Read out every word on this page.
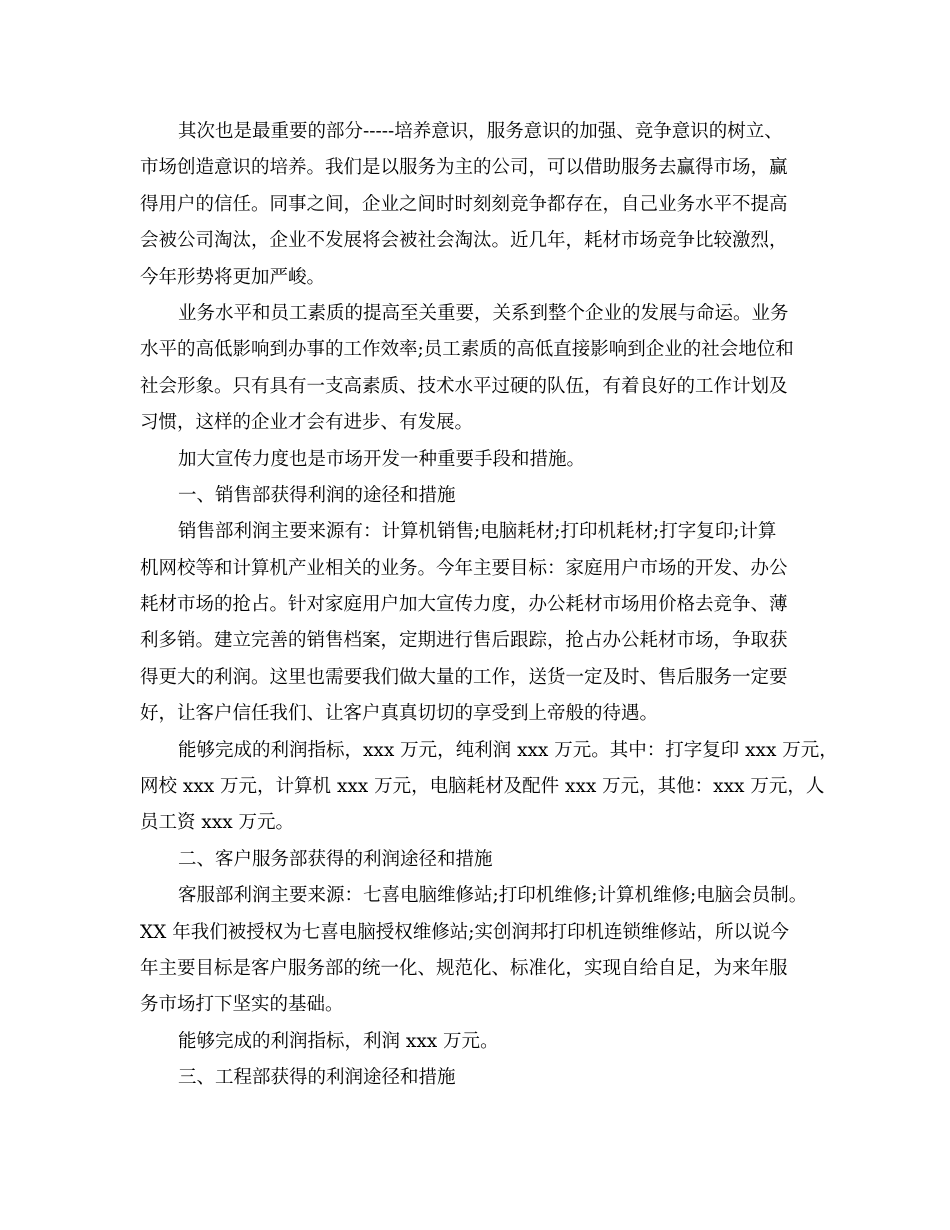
其次也是最重要的部分-----培养意识，服务意识的加强、竞争意识的树立、
市场创造意识的培养。我们是以服务为主的公司，可以借助服务去赢得市场，赢
得用户的信任。同事之间，企业之间时时刻刻竞争都存在，自己业务水平不提高
会被公司淘汰，企业不发展将会被社会淘汰。近几年，耗材市场竞争比较激烈，
今年形势将更加严峻。
业务水平和员工素质的提高至关重要，关系到整个企业的发展与命运。业务
水平的高低影响到办事的工作效率;员工素质的高低直接影响到企业的社会地位和
社会形象。只有具有一支高素质、技术水平过硬的队伍，有着良好的工作计划及
习惯，这样的企业才会有进步、有发展。
加大宣传力度也是市场开发一种重要手段和措施。
一、销售部获得利润的途径和措施
销售部利润主要来源有：计算机销售;电脑耗材;打印机耗材;打字复印;计算
机网校等和计算机产业相关的业务。今年主要目标：家庭用户市场的开发、办公
耗材市场的抢占。针对家庭用户加大宣传力度，办公耗材市场用价格去竞争、薄
利多销。建立完善的销售档案，定期进行售后跟踪，抢占办公耗材市场，争取获
得更大的利润。这里也需要我们做大量的工作，送货一定及时、售后服务一定要
好，让客户信任我们、让客户真真切切的享受到上帝般的待遇。
能够完成的利润指标，xxx 万元，纯利润 xxx 万元。其中：打字复印 xxx 万元，
网校 xxx 万元，计算机 xxx 万元，电脑耗材及配件 xxx 万元，其他：xxx 万元，人
员工资 xxx 万元。
二、客户服务部获得的利润途径和措施
客服部利润主要来源：七喜电脑维修站;打印机维修;计算机维修;电脑会员制。
XX 年我们被授权为七喜电脑授权维修站;实创润邦打印机连锁维修站，所以说今
年主要目标是客户服务部的统一化、规范化、标准化，实现自给自足，为来年服
务市场打下坚实的基础。
能够完成的利润指标，利润 xxx 万元。
三、工程部获得的利润途径和措施
